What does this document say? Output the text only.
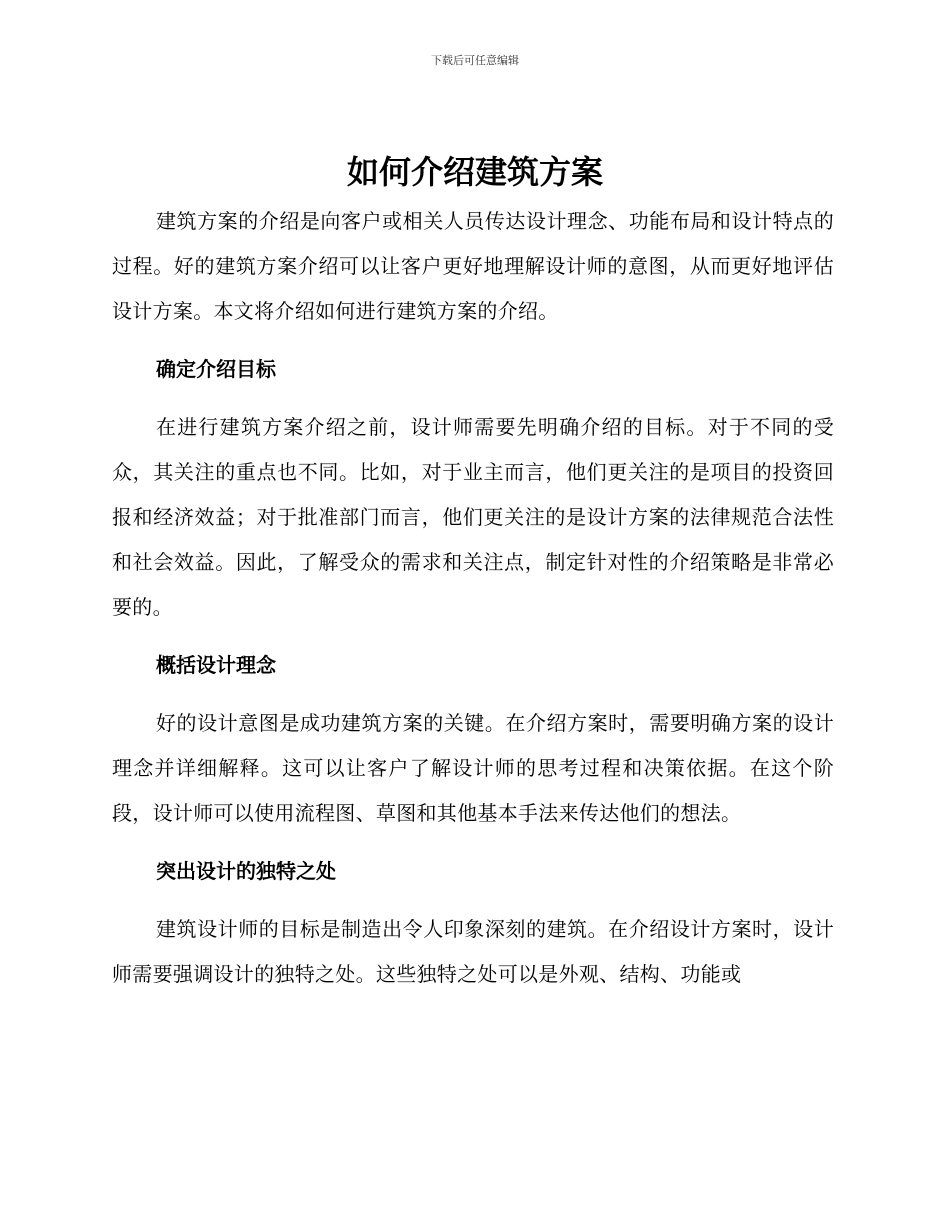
下载后可任意编辑
如何介绍建筑方案

建筑方案的介绍是向客户或相关人员传达设计理念、功能布局和设计特点的过程。好的建筑方案介绍可以让客户更好地理解设计师的意图，从而更好地评估设计方案。本文将介绍如何进行建筑方案的介绍。

确定介绍目标

在进行建筑方案介绍之前，设计师需要先明确介绍的目标。对于不同的受众，其关注的重点也不同。比如，对于业主而言，他们更关注的是项目的投资回报和经济效益；对于批准部门而言，他们更关注的是设计方案的法律规范合法性和社会效益。因此，了解受众的需求和关注点，制定针对性的介绍策略是非常必要的。

概括设计理念

好的设计意图是成功建筑方案的关键。在介绍方案时，需要明确方案的设计理念并详细解释。这可以让客户了解设计师的思考过程和决策依据。在这个阶段，设计师可以使用流程图、草图和其他基本手法来传达他们的想法。

突出设计的独特之处

建筑设计师的目标是制造出令人印象深刻的建筑。在介绍设计方案时，设计师需要强调设计的独特之处。这些独特之处可以是外观、结构、功能或
